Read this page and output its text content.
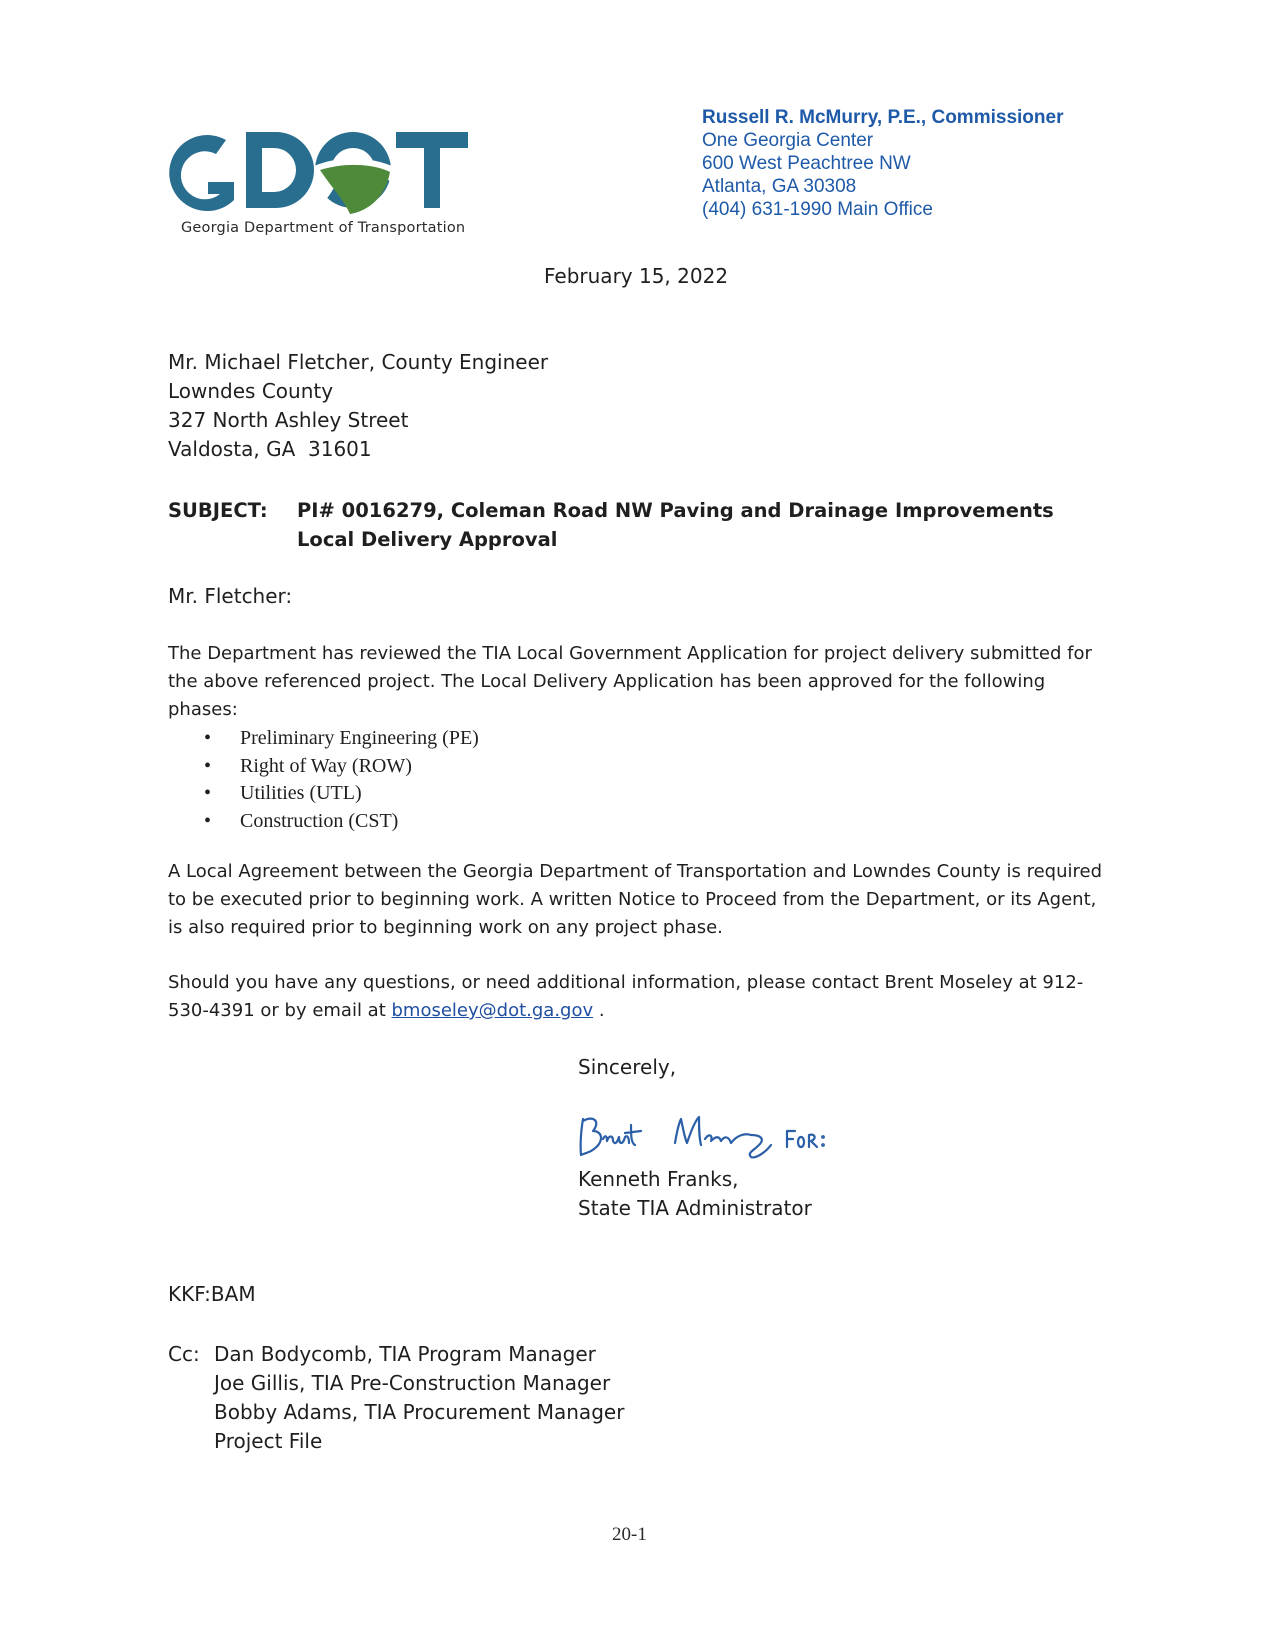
Georgia Department of Transportation
Russell R. McMurry, P.E., Commissioner
One Georgia Center
600 West Peachtree NW
Atlanta, GA 30308
(404) 631-1990 Main Office
February 15, 2022
Mr. Michael Fletcher, County Engineer
Lowndes County
327 North Ashley Street
Valdosta, GA  31601
SUBJECT: PI# 0016279, Coleman Road NW Paving and Drainage Improvements
Local Delivery Approval
Mr. Fletcher:
The Department has reviewed the TIA Local Government Application for project delivery submitted for the above referenced project. The Local Delivery Application has been approved for the following phases:
• Preliminary Engineering (PE)
• Right of Way (ROW)
• Utilities (UTL)
• Construction (CST)
A Local Agreement between the Georgia Department of Transportation and Lowndes County is required to be executed prior to beginning work. A written Notice to Proceed from the Department, or its Agent, is also required prior to beginning work on any project phase.
Should you have any questions, or need additional information, please contact Brent Moseley at 912-530-4391 or by email at bmoseley@dot.ga.gov .
Sincerely,
Kenneth Franks,
State TIA Administrator
KKF:BAM
Cc: Dan Bodycomb, TIA Program Manager
Joe Gillis, TIA Pre-Construction Manager
Bobby Adams, TIA Procurement Manager
Project File
20-1
